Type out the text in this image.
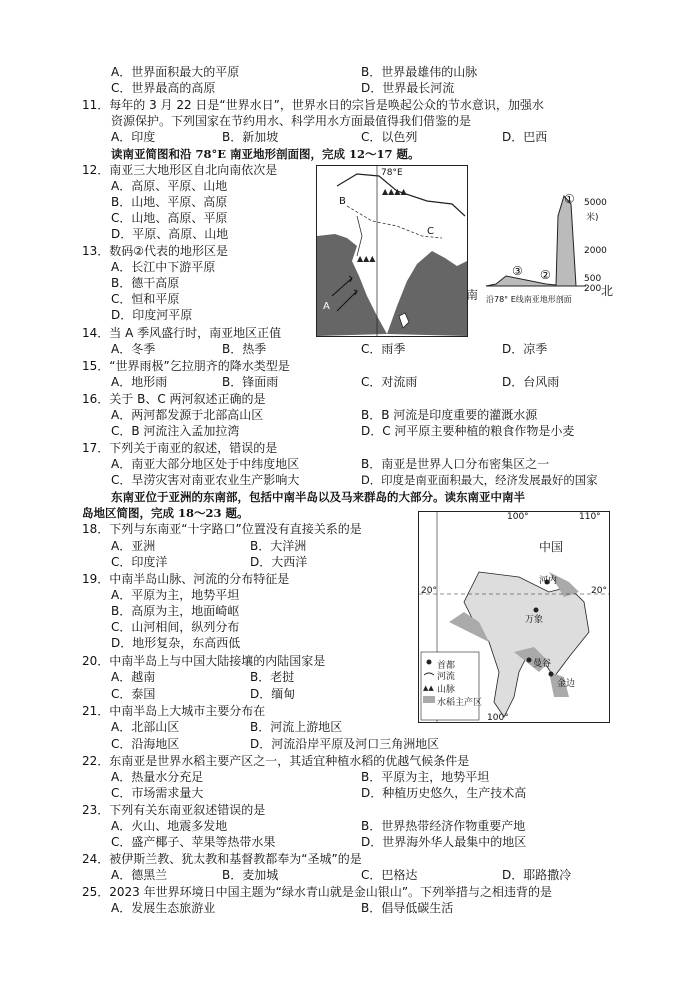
A．世界面积最大的平原	B．世界最雄伟的山脉
C．世界最高的高原	D．世界最长河流
11．每年的 3 月 22 日是“世界水日”，世界水日的宗旨是唤起公众的节水意识，加强水
资源保护。下列国家在节约用水、科学用水方面最值得我们借鉴的是
A．印度	B．新加坡	C．以色列	D．巴西
读南亚简图和沿 78°E 南亚地形剖面图，完成 12～17 题。
12．南亚三大地形区自北向南依次是
A．高原、平原、山地
B．山地、平原、高原
C．山地、高原、平原
D．平原、高原、山地
13．数码②代表的地形区是
A．长江中下游平原
B．德干高原
C．恒和平原
D．印度河平原
14．当 A 季风盛行时，南亚地区正值
A．冬季	B．热季	C．雨季	D．凉季
15．“世界雨极”乞拉朋齐的降水类型是
A．地形雨	B．锋面雨	C．对流雨	D．台风雨
16．关于 B、C 两河叙述正确的是
A．两河都发源于北部高山区	B．B 河流是印度重要的灌溉水源
C．B 河流注入孟加拉湾	D．C 河平原主要种植的粮食作物是小麦
17．下列关于南亚的叙述，错误的是
A．南亚大部分地区处于中纬度地区	B．南亚是世界人口分布密集区之一
C．旱涝灾害对南亚农业生产影响大	D．印度是南亚面积最大，经济发展最好的国家
东南亚位于亚洲的东南部，包括中南半岛以及马来群岛的大部分。读东南亚中南半
岛地区简图，完成 18～23 题。
18．下列与东南亚“十字路口”位置没有直接关系的是
A．亚洲	B．大洋洲
C．印度洋	D．大西洋
19．中南半岛山脉、河流的分布特征是
A．平原为主，地势平坦
B．高原为主，地面崎岖
C．山河相间，纵列分布
D．地形复杂，东高西低
20．中南半岛上与中国大陆接壤的内陆国家是
A．越南	B．老挝
C．泰国	D．缅甸
21．中南半岛上大城市主要分布在
A．北部山区	B．河流上游地区
C．沿海地区	D．河流沿岸平原及河口三角洲地区
22．东南亚是世界水稻主要产区之一，其适宜种植水稻的优越气候条件是
A．热量水分充足	B．平原为主，地势平坦
C．市场需求量大	D．种植历史悠久，生产技术高
23．下列有关东南亚叙述错误的是
A．火山、地震多发地	B．世界热带经济作物重要产地
C．盛产椰子、苹果等热带水果	D．世界海外华人最集中的地区
24．被伊斯兰教、犹太教和基督教都奉为“圣城”的是
A．德黑兰	B．麦加城	C．巴格达	D．耶路撒冷
25．2023 年世界环境日中国主题为“绿水青山就是金山银山”。下列举措与之相违背的是
A．发展生态旅游业	B．倡导低碳生活
▲▲▲
▲▲▲▲
78°E
A
B
C
①
③ ②
5000
米)
2000
500
200 北
南 沿78° E线南亚地形剖面
▲▲
100°	110°
20°	20°
100°
中国
河内
万象
曼谷
金边
首都
河流
山脉
水稻主产区
